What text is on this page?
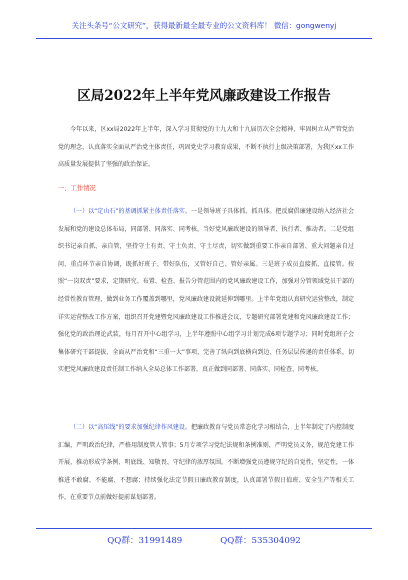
关注头条号“公文研究”，获得最新最全最专业的公文资料库！ 微信：gongwenyj
区局2022年上半年党风廉政建设工作报告
今年以来，区xx局2022年上半年，深入学习贯彻党的十九大和十九届历次全会精神，牢固树立从严管党治党的理念，认真落实全面从严治党主体责任，巩固党史学习教育成果，不断不执行上级决策部署，为我区xx工作高质量发展提供了坚强的政治保证。
一、工作情况
（一）以“定山石”的基调抓紧主体责任落实。一是领导班子具体抓、抓具体。把反腐倡廉建设纳入经济社会发展和党的建设总体布局，同部署、同落实、同考核，当好党风廉政建设的领导者、执行者、推动者。二是党组织书记亲自抓、亲自管，坚持守土有责、守土负责、守土尽责，切实做到重要工作亲自部署、重大问题亲自过问、重点环节亲自协调，既抓好班子、带好队伍，又管好自己、管好亲属。三是班子成员直接抓、直接管。按照“一岗双责”要求，定期研究、布置、检查、报告分管范围内的党风廉政建设工作，加强对分管领域党员干部的经常性教育管理，做到业务工作覆盖到哪里，党风廉政建设就延伸到哪里。上半年党组认真研究运营整改，制定详实运营整改工作方案，组织召开党建暨党风廉政建设工作推进会议，专题研究部署党建和党风廉政建设工作；强化党的政治理论武装，每月召开中心组学习，上半年遵照中心组学习计划完成6项专题学习；同时党组班子会集体研究干部提拔，全面从严治党和“三重一大”事项，完善了纵向到底横向到边、任务层层传递的责任体系，切实把党风廉政建设责任制工作纳入全局总体工作部署，真正做到同部署、同落实、同检查、同考核。
（二）以“高压线”的要求加强纪律作风建设。把廉政教育与党员常态化学习相结合，上半年制定了内控制度汇编，严明政治纪律，严格用制度管人管事；5月专项学习党纪法规和条例准则，严明党员义务，规范党建工作开展，推动形成学条例、明底线、知敬畏、守纪律的浓厚氛围。不断增强党员遵规守纪的自觉性，坚定性，一体推进不敢腐、不能腐、不想腐；持续强化法定节假日廉政教育制度，认真部署节假日值班、安全生产等相关工作，在重要节点前做好提前谋划部署。
QQ群：31991489	QQ群：535304092
